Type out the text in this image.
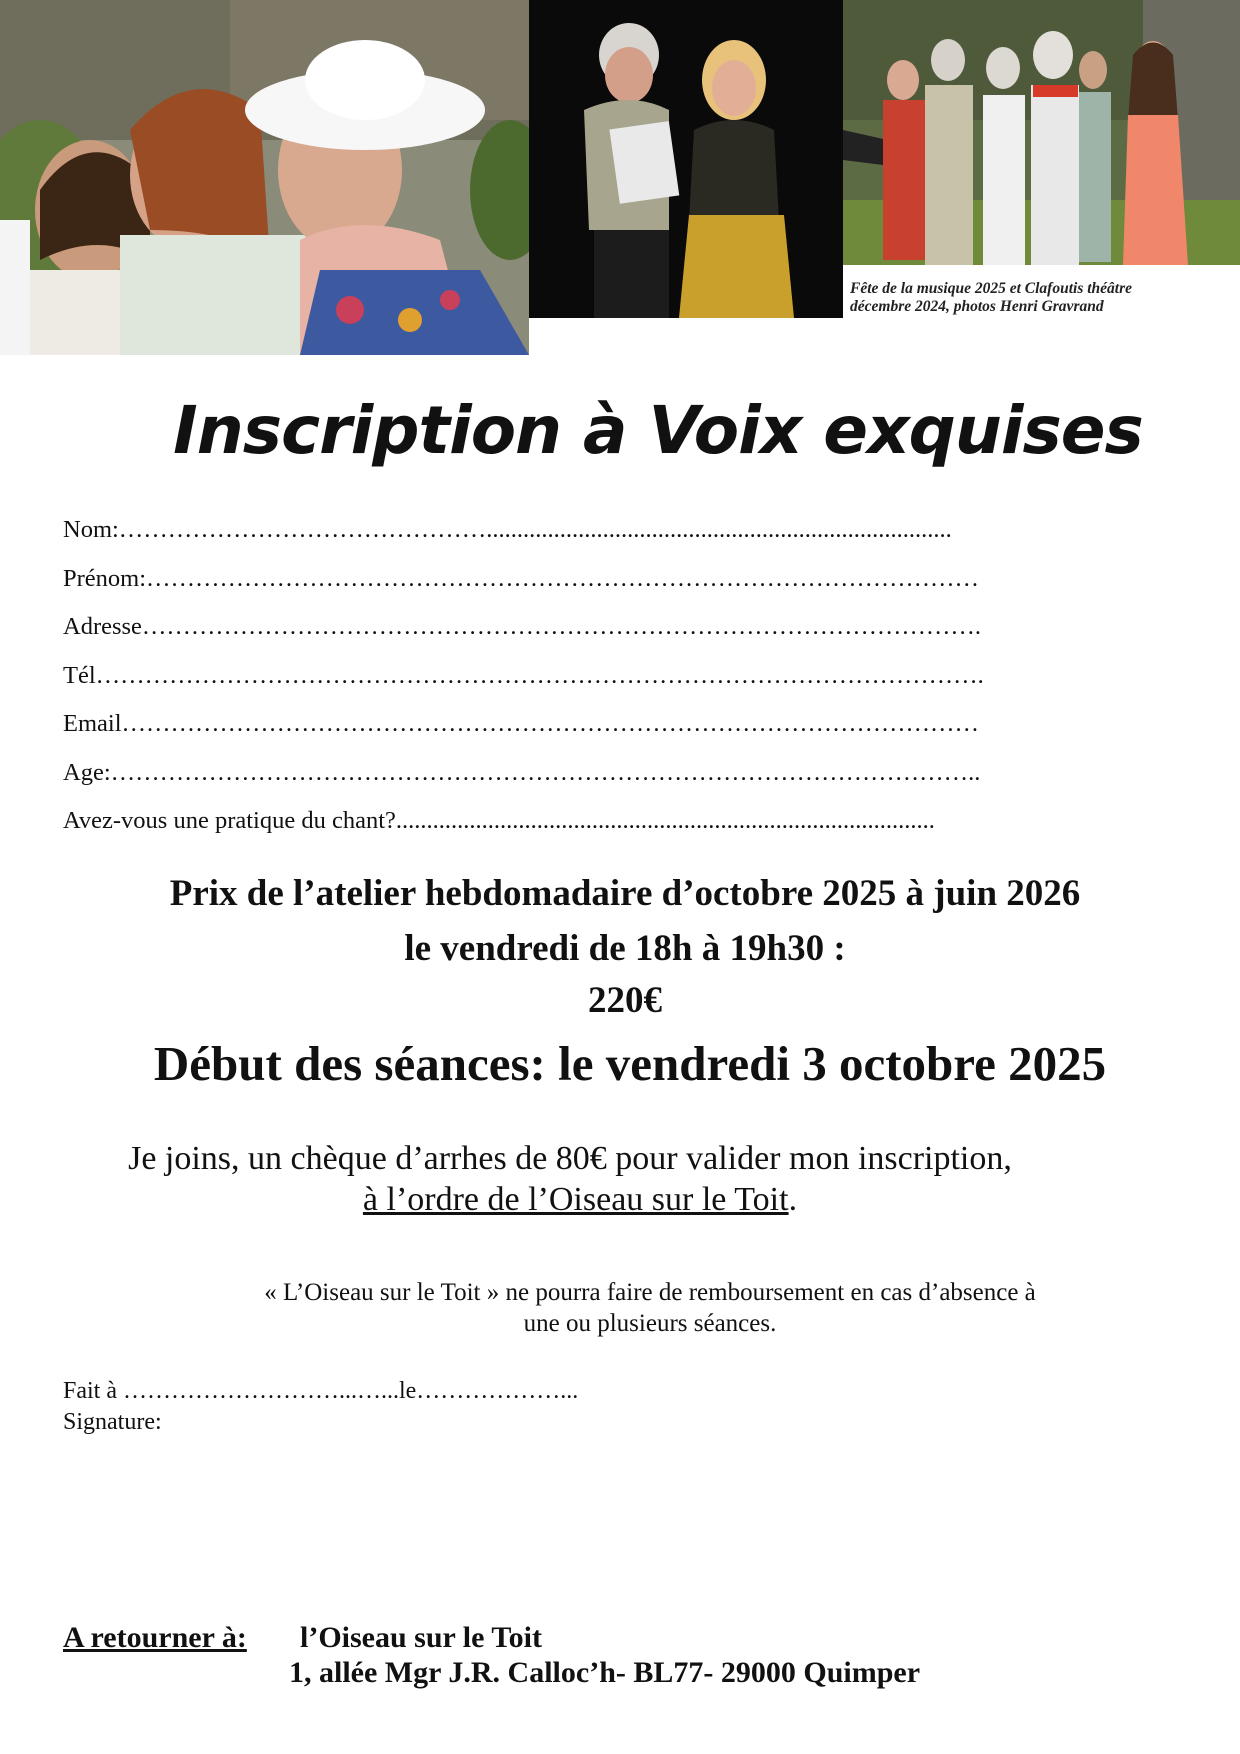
Fête de la musique 2025 et Clafoutis théâtre
décembre 2024, photos Henri Gravrand
Inscription à Voix exquises
Nom:………………………………………............................................................................
Prénom:…………………………………………………………………………………………
Adresse………………………………………………………………………………………….
Tél……………………………………………………………………………………………….
Email……………………………………………………………………………………………
Age:……………………………………………………………………………………………..
Avez-vous une pratique du chant?........................................................................................
Prix de l’atelier hebdomadaire d’octobre 2025 à juin 2026
le vendredi de 18h à 19h30 :
220€
Début des séances: le vendredi 3 octobre 2025
Je joins, un chèque d’arrhes de 80€ pour valider mon inscription,
à l’ordre de l’Oiseau sur le Toit.
« L’Oiseau sur le Toit » ne pourra faire de remboursement en cas d’absence à
une ou plusieurs séances.
Fait à ………………………...…...le………………...
Signature:
A retourner à: l’Oiseau sur le Toit
1, allée Mgr J.R. Calloc’h- BL77- 29000 Quimper
